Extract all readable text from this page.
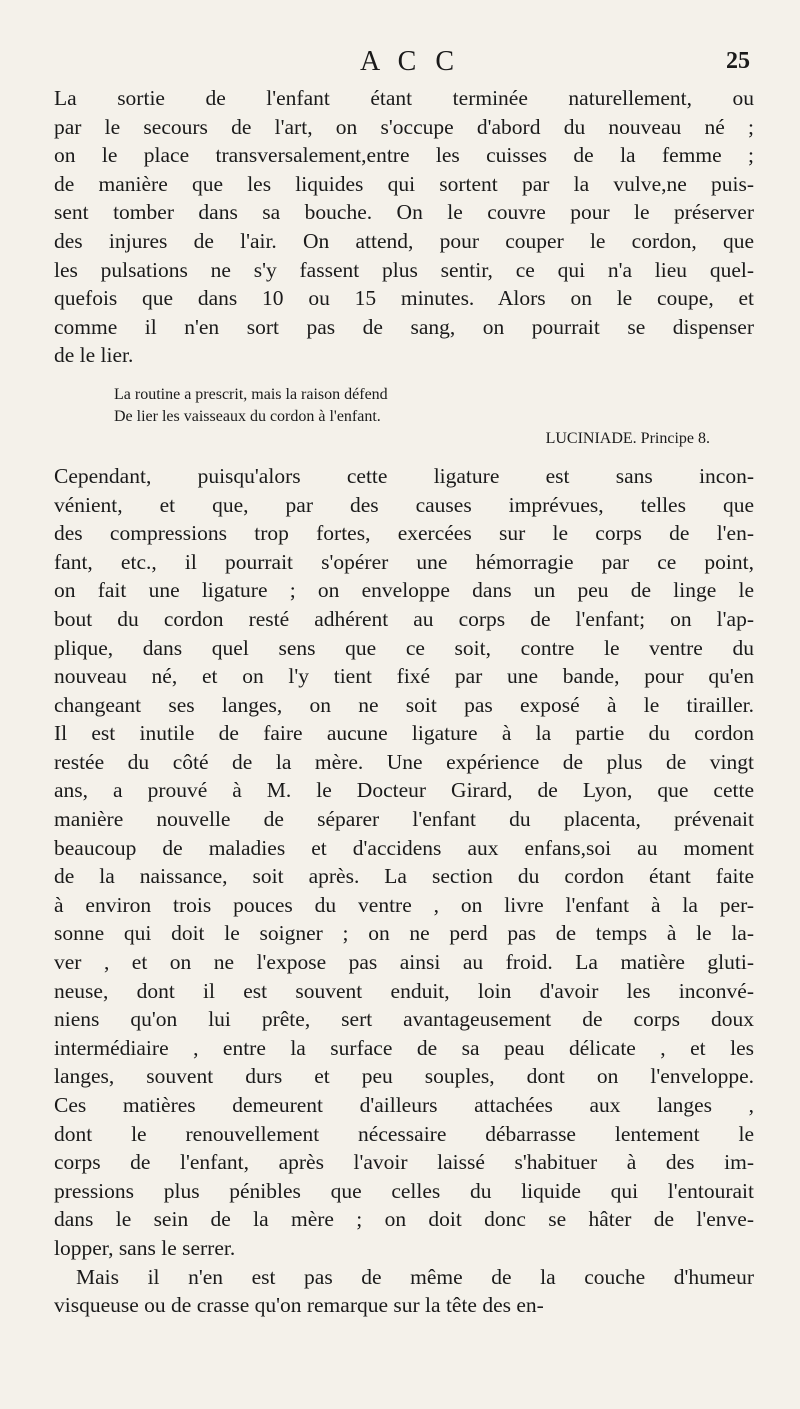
A C C	25

La sortie de l'enfant étant terminée naturellement, ou
par le secours de l'art, on s'occupe d'abord du nouveau né ;
on le place transversalement,entre les cuisses de la femme ;
de manière que les liquides qui sortent par la vulve,ne puis-
sent tomber dans sa bouche. On le couvre pour le préserver
des injures de l'air. On attend, pour couper le cordon, que
les pulsations ne s'y fassent plus sentir, ce qui n'a lieu quel-
quefois que dans 10 ou 15 minutes. Alors on le coupe, et
comme il n'en sort pas de sang, on pourrait se dispenser
de le lier.

La routine a prescrit, mais la raison défend
De lier les vaisseaux du cordon à l'enfant.
LUCINIADE. Principe 8.

Cependant, puisqu'alors cette ligature est sans incon-
vénient, et que, par des causes imprévues, telles que
des compressions trop fortes, exercées sur le corps de l'en-
fant, etc., il pourrait s'opérer une hémorragie par ce point,
on fait une ligature ; on enveloppe dans un peu de linge le
bout du cordon resté adhérent au corps de l'enfant; on l'ap-
plique, dans quel sens que ce soit, contre le ventre du
nouveau né, et on l'y tient fixé par une bande, pour qu'en
changeant ses langes, on ne soit pas exposé à le tirailler.
Il est inutile de faire aucune ligature à la partie du cordon
restée du côté de la mère. Une expérience de plus de vingt
ans, a prouvé à M. le Docteur Girard, de Lyon, que cette
manière nouvelle de séparer l'enfant du placenta, prévenait
beaucoup de maladies et d'accidens aux enfans,soi au moment
de la naissance, soit après. La section du cordon étant faite
à environ trois pouces du ventre , on livre l'enfant à la per-
sonne qui doit le soigner ; on ne perd pas de temps à le la-
ver , et on ne l'expose pas ainsi au froid. La matière gluti-
neuse, dont il est souvent enduit, loin d'avoir les inconvé-
niens qu'on lui prête, sert avantageusement de corps doux
intermédiaire , entre la surface de sa peau délicate , et les
langes, souvent durs et peu souples, dont on l'enveloppe.
Ces matières demeurent d'ailleurs attachées aux langes ,
dont le renouvellement nécessaire débarrasse lentement le
corps de l'enfant, après l'avoir laissé s'habituer à des im-
pressions plus pénibles que celles du liquide qui l'entourait
dans le sein de la mère ; on doit donc se hâter de l'enve-
lopper, sans le serrer.

Mais il n'en est pas de même de la couche d'humeur
visqueuse ou de crasse qu'on remarque sur la tête des en-
